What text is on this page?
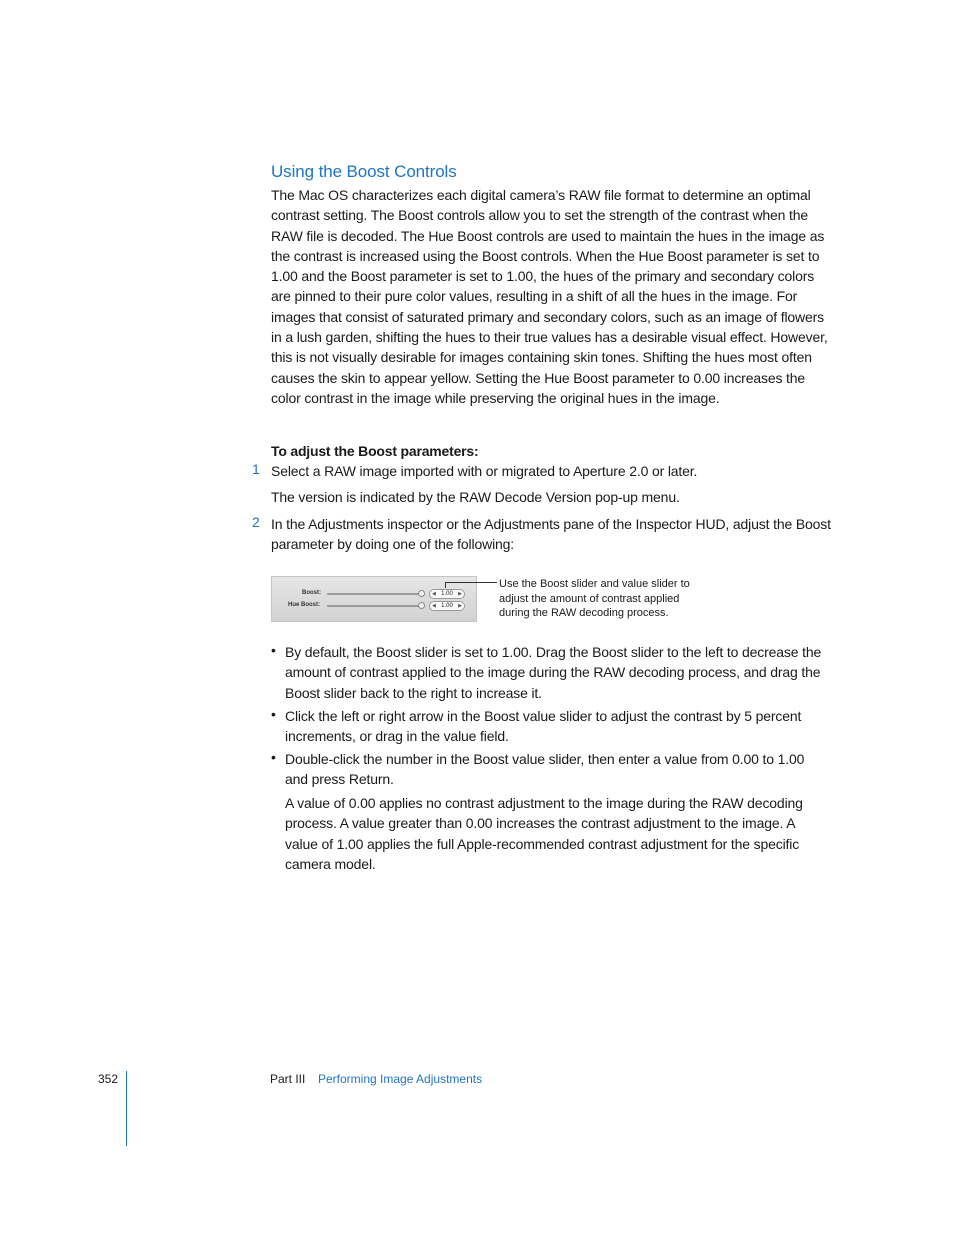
Using the Boost Controls

The Mac OS characterizes each digital camera’s RAW file format to determine an optimal contrast setting. The Boost controls allow you to set the strength of the contrast when the RAW file is decoded. The Hue Boost controls are used to maintain the hues in the image as the contrast is increased using the Boost controls. When the Hue Boost parameter is set to 1.00 and the Boost parameter is set to 1.00, the hues of the primary and secondary colors are pinned to their pure color values, resulting in a shift of all the hues in the image. For images that consist of saturated primary and secondary colors, such as an image of flowers in a lush garden, shifting the hues to their true values has a desirable visual effect. However, this is not visually desirable for images containing skin tones. Shifting the hues most often causes the skin to appear yellow. Setting the Hue Boost parameter to 0.00 increases the color contrast in the image while preserving the original hues in the image.

To adjust the Boost parameters:
1 Select a RAW image imported with or migrated to Aperture 2.0 or later.

The version is indicated by the RAW Decode Version pop-up menu.

2 In the Adjustments inspector or the Adjustments pane of the Inspector HUD, adjust the Boost parameter by doing one of the following:

Boost:	◀ 1.00 ▶
Hue Boost:	◀ 1.00 ▶
Use the Boost slider and value slider to adjust the amount of contrast applied during the RAW decoding process.
• By default, the Boost slider is set to 1.00. Drag the Boost slider to the left to decrease the amount of contrast applied to the image during the RAW decoding process, and drag the Boost slider back to the right to increase it.

• Click the left or right arrow in the Boost value slider to adjust the contrast by 5 percent increments, or drag in the value field.

• Double-click the number in the Boost value slider, then enter a value from 0.00 to 1.00 and press Return.

A value of 0.00 applies no contrast adjustment to the image during the RAW decoding process. A value greater than 0.00 increases the contrast adjustment to the image. A value of 1.00 applies the full Apple-recommended contrast adjustment for the specific camera model.

352	Part III Performing Image Adjustments
